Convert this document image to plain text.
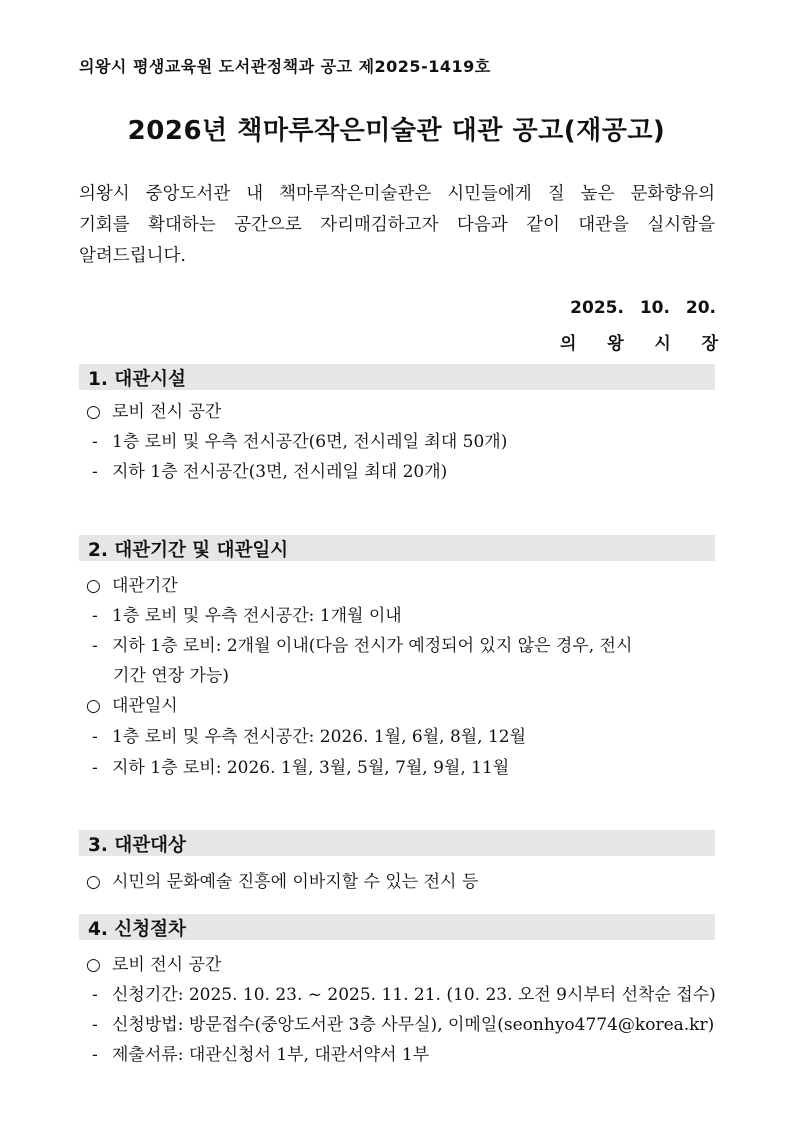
의왕시 평생교육원 도서관정책과 공고 제2025-1419호
2026년 책마루작은미술관 대관 공고(재공고)
의왕시 중앙도서관 내 책마루작은미술관은 시민들에게 질 높은 문화향유의
기회를 확대하는 공간으로 자리매김하고자 다음과 같이 대관을 실시함을
알려드립니다.
2025. 10. 20.
의 왕 시 장
1. 대관시설
○ 로비 전시 공간
- 1층 로비 및 우측 전시공간(6면, 전시레일 최대 50개)
- 지하 1층 전시공간(3면, 전시레일 최대 20개)
2. 대관기간 및 대관일시
○ 대관기간
- 1층 로비 및 우측 전시공간: 1개월 이내
- 지하 1층 로비: 2개월 이내(다음 전시가 예정되어 있지 않은 경우, 전시
기간 연장 가능)
○ 대관일시
- 1층 로비 및 우측 전시공간: 2026. 1월, 6월, 8월, 12월
- 지하 1층 로비: 2026. 1월, 3월, 5월, 7월, 9월, 11월
3. 대관대상
○ 시민의 문화예술 진흥에 이바지할 수 있는 전시 등
4. 신청절차
○ 로비 전시 공간
- 신청기간: 2025. 10. 23. ~ 2025. 11. 21. (10. 23. 오전 9시부터 선착순 접수)
- 신청방법: 방문접수(중앙도서관 3층 사무실), 이메일(seonhyo4774@korea.kr)
- 제출서류: 대관신청서 1부, 대관서약서 1부
